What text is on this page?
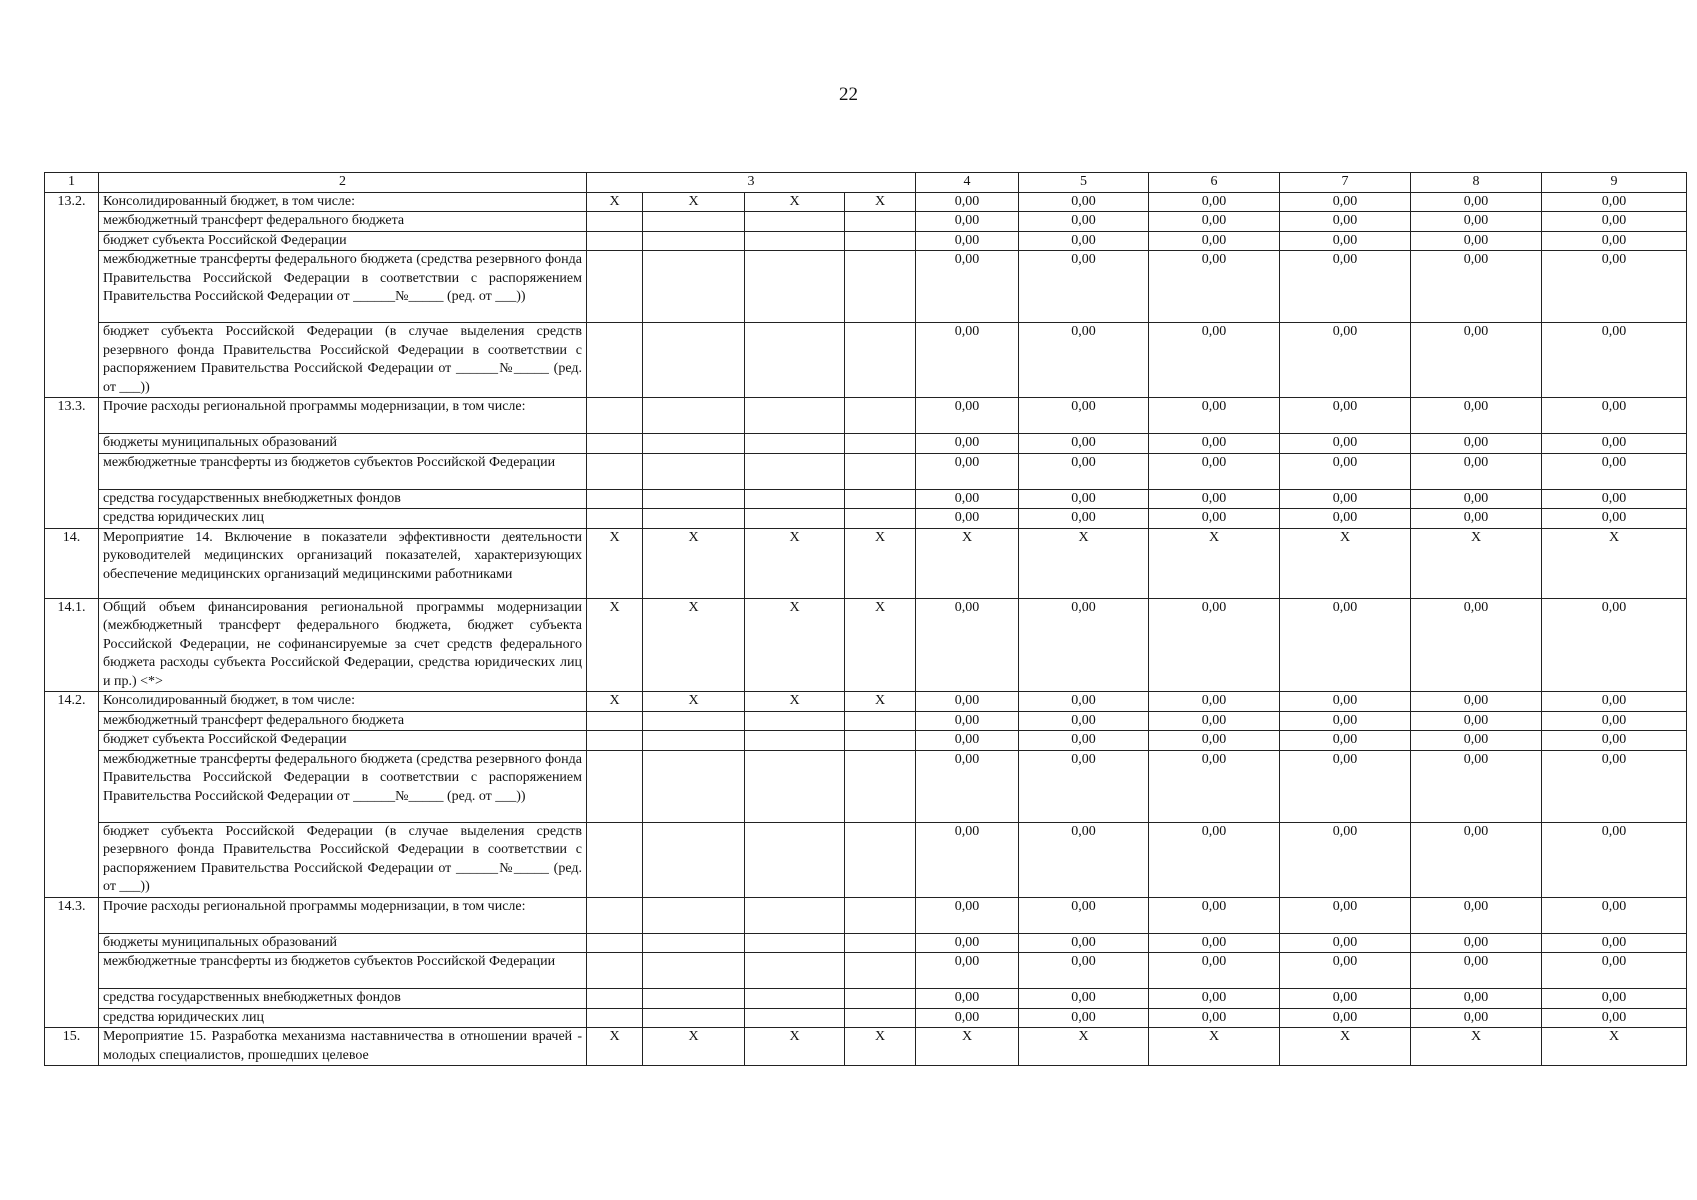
22
1	2	3				4	5	6	7	8	9
13.2.	Консолидированный бюджет, в том числе:	X	X	X	X	0,00	0,00	0,00	0,00	0,00	0,00
	межбюджетный трансферт федерального бюджета					0,00	0,00	0,00	0,00	0,00	0,00
	бюджет субъекта Российской Федерации					0,00	0,00	0,00	0,00	0,00	0,00
	межбюджетные трансферты федерального бюджета (средства резервного фонда Правительства Российской Федерации в соответствии с распоряжением Правительства Российской Федерации от ______№_____ (ред. от ___))					0,00	0,00	0,00	0,00	0,00	0,00
	бюджет субъекта Российской Федерации (в случае выделения средств резервного фонда Правительства Российской Федерации в соответствии с распоряжением Правительства Российской Федерации от ______№_____ (ред. от ___))					0,00	0,00	0,00	0,00	0,00	0,00
13.3.	Прочие расходы региональной программы модернизации, в том числе:					0,00	0,00	0,00	0,00	0,00	0,00
	бюджеты муниципальных образований					0,00	0,00	0,00	0,00	0,00	0,00
	межбюджетные трансферты из бюджетов субъектов Российской Федерации					0,00	0,00	0,00	0,00	0,00	0,00
	средства государственных внебюджетных фондов					0,00	0,00	0,00	0,00	0,00	0,00
	средства юридических лиц					0,00	0,00	0,00	0,00	0,00	0,00
14.	Мероприятие 14. Включение в показатели эффективности деятельности руководителей медицинских организаций показателей, характеризующих обеспечение медицинских организаций медицинскими работниками	X	X	X	X	X	X	X	X	X	X
14.1.	Общий объем финансирования региональной программы модернизации (межбюджетный трансферт федерального бюджета, бюджет субъекта Российской Федерации, не софинансируемые за счет средств федерального бюджета расходы субъекта Российской Федерации, средства юридических лиц и пр.) <*>	X	X	X	X	0,00	0,00	0,00	0,00	0,00	0,00
14.2.	Консолидированный бюджет, в том числе:	X	X	X	X	0,00	0,00	0,00	0,00	0,00	0,00
	межбюджетный трансферт федерального бюджета					0,00	0,00	0,00	0,00	0,00	0,00
	бюджет субъекта Российской Федерации					0,00	0,00	0,00	0,00	0,00	0,00
	межбюджетные трансферты федерального бюджета (средства резервного фонда Правительства Российской Федерации в соответствии с распоряжением Правительства Российской Федерации от ______№_____ (ред. от ___))					0,00	0,00	0,00	0,00	0,00	0,00
	бюджет субъекта Российской Федерации (в случае выделения средств резервного фонда Правительства Российской Федерации в соответствии с распоряжением Правительства Российской Федерации от ______№_____ (ред. от ___))					0,00	0,00	0,00	0,00	0,00	0,00
14.3.	Прочие расходы региональной программы модернизации, в том числе:					0,00	0,00	0,00	0,00	0,00	0,00
	бюджеты муниципальных образований					0,00	0,00	0,00	0,00	0,00	0,00
	межбюджетные трансферты из бюджетов субъектов Российской Федерации					0,00	0,00	0,00	0,00	0,00	0,00
	средства государственных внебюджетных фондов					0,00	0,00	0,00	0,00	0,00	0,00
	средства юридических лиц					0,00	0,00	0,00	0,00	0,00	0,00
15.	Мероприятие 15. Разработка механизма наставничества в отношении врачей - молодых специалистов, прошедших целевое	X	X	X	X	X	X	X	X	X	X
